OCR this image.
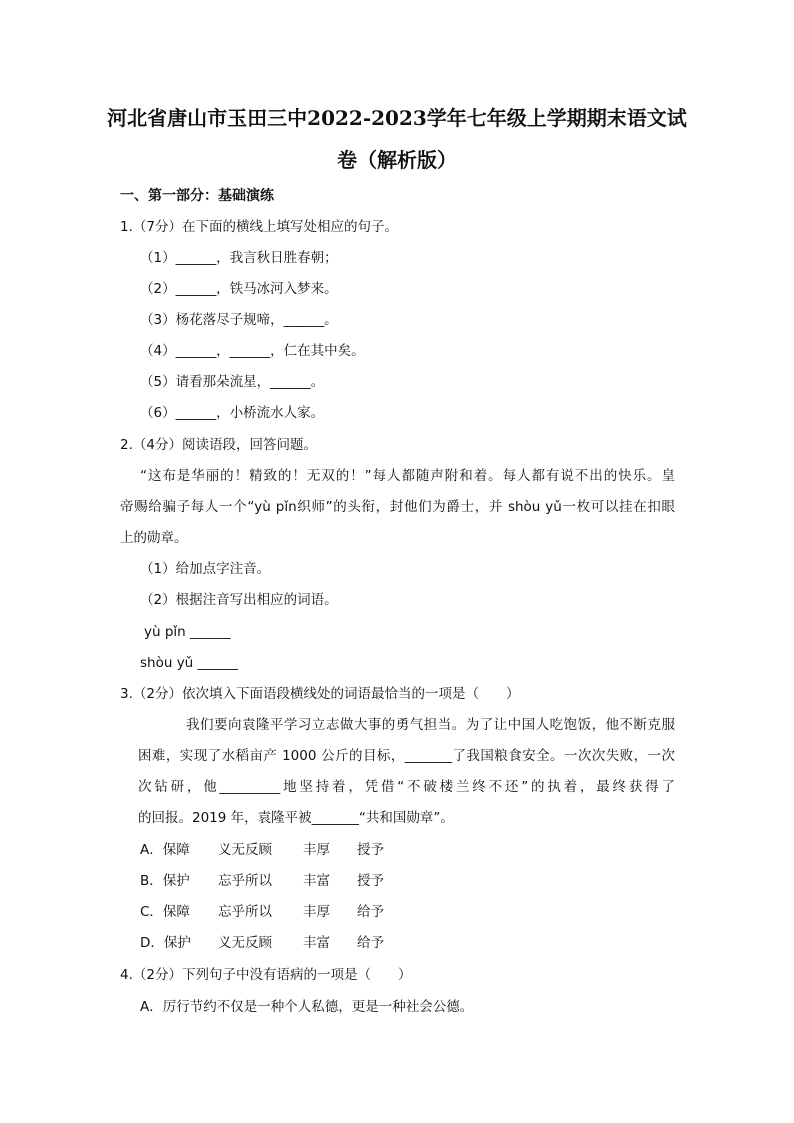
河北省唐山市玉田三中2022-2023学年七年级上学期期末语文试
卷（解析版）
一、第一部分：基础演练
1.（7分）在下面的横线上填写处相应的句子。
（1）______，我言秋日胜春朝；
（2）______，铁马冰河入梦来。
（3）杨花落尽子规啼，______。
（4）______，______，仁在其中矣。
（5）请看那朵流星，______。
（6）______，小桥流水人家。
2.（4分）阅读语段，回答问题。
“这布是华丽的！精致的！无双的！”每人都随声附和着。每人都有说不出的快乐。皇
帝赐给骗子每人一个“yù pǐn织师”的头衔，封他们为爵士，并 shòu yǔ一枚可以挂在扣眼
上的勋章。
（1）给加点字注音。
（2）根据注音写出相应的词语。
yù pǐn ______
shòu yǔ ______
3.（2分）依次填入下面语段横线处的词语最恰当的一项是（　　）
我们要向袁隆平学习立志做大事的勇气担当。为了让中国人吃饱饭，他不断克服
困难，实现了水稻亩产 1000 公斤的目标，_______了我国粮食安全。一次次失败，一次
次钻研，他_________地坚持着，凭借“不破楼兰终不还”的执着，最终获得了
的回报。2019 年，袁隆平被_______“共和国勋章”。
A．保障 义无反顾 丰厚 授予
B．保护 忘乎所以 丰富 授予
C．保障 忘乎所以 丰厚 给予
D．保护 义无反顾 丰富 给予
4.（2分）下列句子中没有语病的一项是（　　）
A．厉行节约不仅是一种个人私德，更是一种社会公德。
